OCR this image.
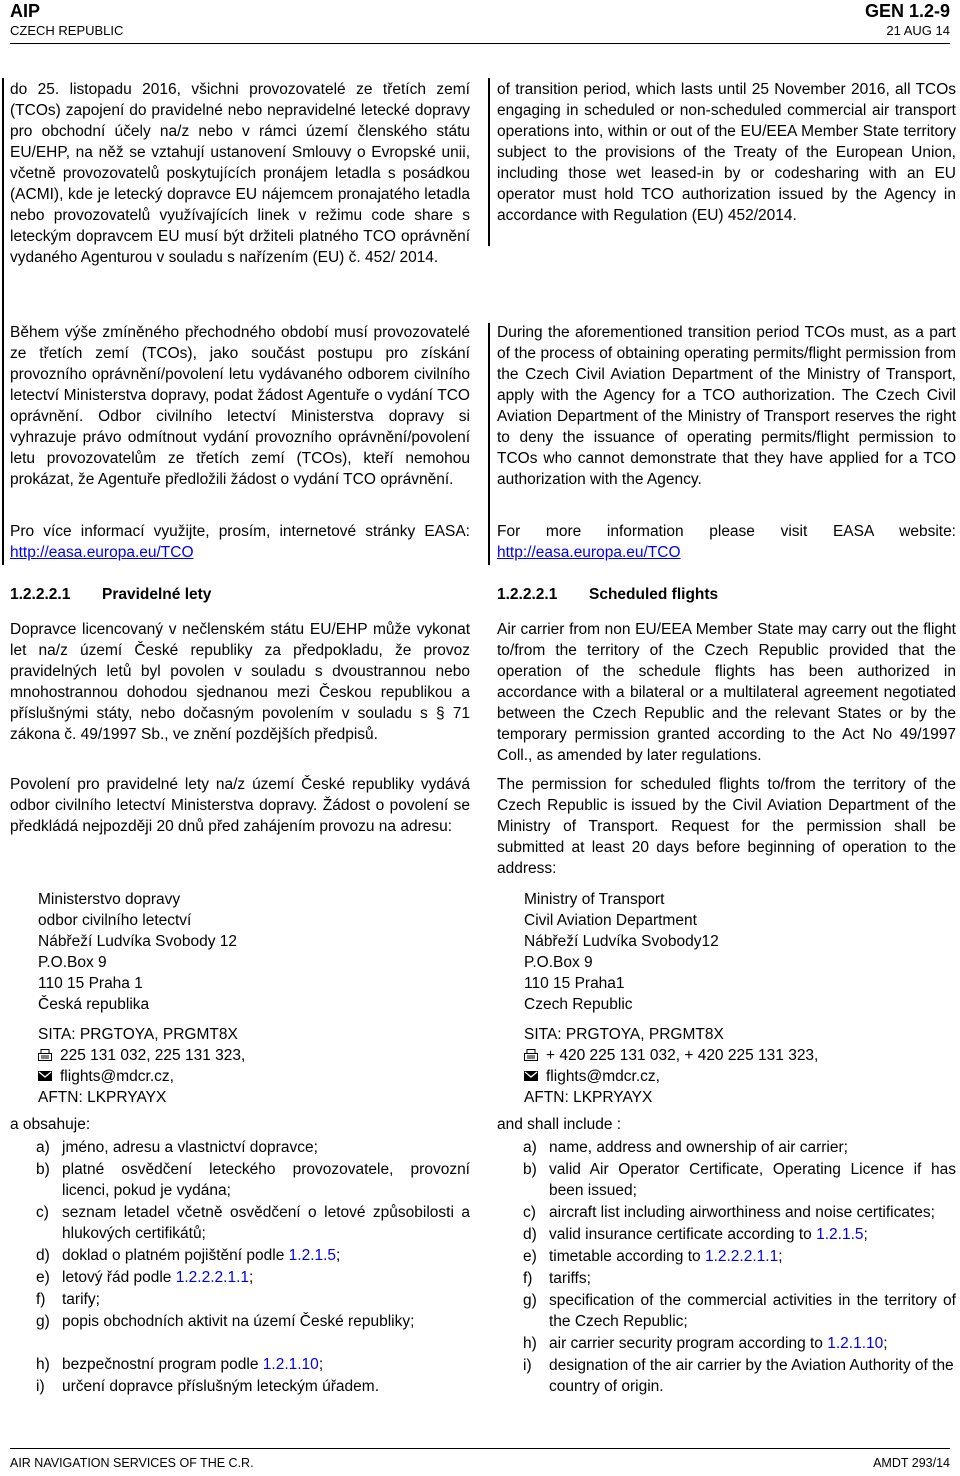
AIP
CZECH REPUBLIC
GEN 1.2-9
21 AUG 14
do 25. listopadu 2016, všichni provozovatelé ze třetích zemí (TCOs) zapojení do pravidelné nebo nepravidelné letecké dopravy pro obchodní účely na/z nebo v rámci území členského státu EU/EHP, na něž se vztahují ustanovení Smlouvy o Evropské unii, včetně provozovatelů poskytujících pronájem letadla s posádkou (ACMI), kde je letecký dopravce EU nájemcem pronajatého letadla nebo provozovatelů využívajících linek v režimu code share s leteckým dopravcem EU musí být držiteli platného TCO oprávnění vydaného Agenturou v souladu s nařízením (EU) č. 452/ 2014.
Během výše zmíněného přechodného období musí provozovatelé ze třetích zemí (TCOs), jako součást postupu pro získání provozního oprávnění/povolení letu vydávaného odborem civilního letectví Ministerstva dopravy, podat žádost Agentuře o vydání TCO oprávnění. Odbor civilního letectví Ministerstva dopravy si vyhrazuje právo odmítnout vydání provozního oprávnění/povolení letu provozovatelům ze třetích zemí (TCOs), kteří nemohou prokázat, že Agentuře předložili žádost o vydání TCO oprávnění.
Pro více informací využijte, prosím, internetové stránky EASA: http://easa.europa.eu/TCO
1.2.2.2.1 Pravidelné lety
Dopravce licencovaný v nečlenském státu EU/EHP může vykonat let na/z území České republiky za předpokladu, že provoz pravidelných letů byl povolen v souladu s dvoustrannou nebo mnohostrannou dohodou sjednanou mezi Českou republikou a příslušnými státy, nebo dočasným povolením v souladu s § 71 zákona č. 49/1997 Sb., ve znění pozdějších předpisů.
Povolení pro pravidelné lety na/z území České republiky vydává odbor civilního letectví Ministerstva dopravy. Žádost o povolení se předkládá nejpozději 20 dnů před zahájením provozu na adresu:
Ministerstvo dopravy
odbor civilního letectví
Nábřeží Ludvíka Svobody 12
P.O.Box 9
110 15 Praha 1
Česká republika
SITA: PRGTOYA, PRGMT8X
225 131 032, 225 131 323,
flights@mdcr.cz,
AFTN: LKPRYAYX
a obsahuje:
a) jméno, adresu a vlastnictví dopravce;
b) platné osvědčení leteckého provozovatele, provozní licenci, pokud je vydána;
c) seznam letadel včetně osvědčení o letové způsobilosti a hlukových certifikátů;
d) doklad o platném pojištění podle 1.2.1.5;
e) letový řád podle 1.2.2.2.1.1;
f) tarify;
g) popis obchodních aktivit na území České republiky;
h) bezpečnostní program podle 1.2.1.10;
i) určení dopravce příslušným leteckým úřadem.
of transition period, which lasts until 25 November 2016, all TCOs engaging in scheduled or non-scheduled commercial air transport operations into, within or out of the EU/EEA Member State territory subject to the provisions of the Treaty of the European Union, including those wet leased-in by or codesharing with an EU operator must hold TCO authorization issued by the Agency in accordance with Regulation (EU) 452/2014.
During the aforementioned transition period TCOs must, as a part of the process of obtaining operating permits/flight permission from the Czech Civil Aviation Department of the Ministry of Transport, apply with the Agency for a TCO authorization. The Czech Civil Aviation Department of the Ministry of Transport reserves the right to deny the issuance of operating permits/flight permission to TCOs who cannot demonstrate that they have applied for a TCO authorization with the Agency.
For more information please visit EASA website: http://easa.europa.eu/TCO
1.2.2.2.1 Scheduled flights
Air carrier from non EU/EEA Member State may carry out the flight to/from the territory of the Czech Republic provided that the operation of the schedule flights has been authorized in accordance with a bilateral or a multilateral agreement negotiated between the Czech Republic and the relevant States or by the temporary permission granted according to the Act No 49/1997 Coll., as amended by later regulations.
The permission for scheduled flights to/from the territory of the Czech Republic is issued by the Civil Aviation Department of the Ministry of Transport. Request for the permission shall be submitted at least 20 days before beginning of operation to the address:
Ministry of Transport
Civil Aviation Department
Nábřeží Ludvíka Svobody12
P.O.Box 9
110 15 Praha1
Czech Republic
SITA: PRGTOYA, PRGMT8X
+ 420 225 131 032, + 420 225 131 323,
flights@mdcr.cz,
AFTN: LKPRYAYX
and shall include :
a) name, address and ownership of air carrier;
b) valid Air Operator Certificate, Operating Licence if has been issued;
c) aircraft list including airworthiness and noise certificates;
d) valid insurance certificate according to 1.2.1.5;
e) timetable according to 1.2.2.2.1.1;
f) tariffs;
g) specification of the commercial activities in the territory of the Czech Republic;
h) air carrier security program according to 1.2.1.10;
i) designation of the air carrier by the Aviation Authority of the country of origin.
AIR NAVIGATION SERVICES OF THE C.R.	AMDT 293/14
